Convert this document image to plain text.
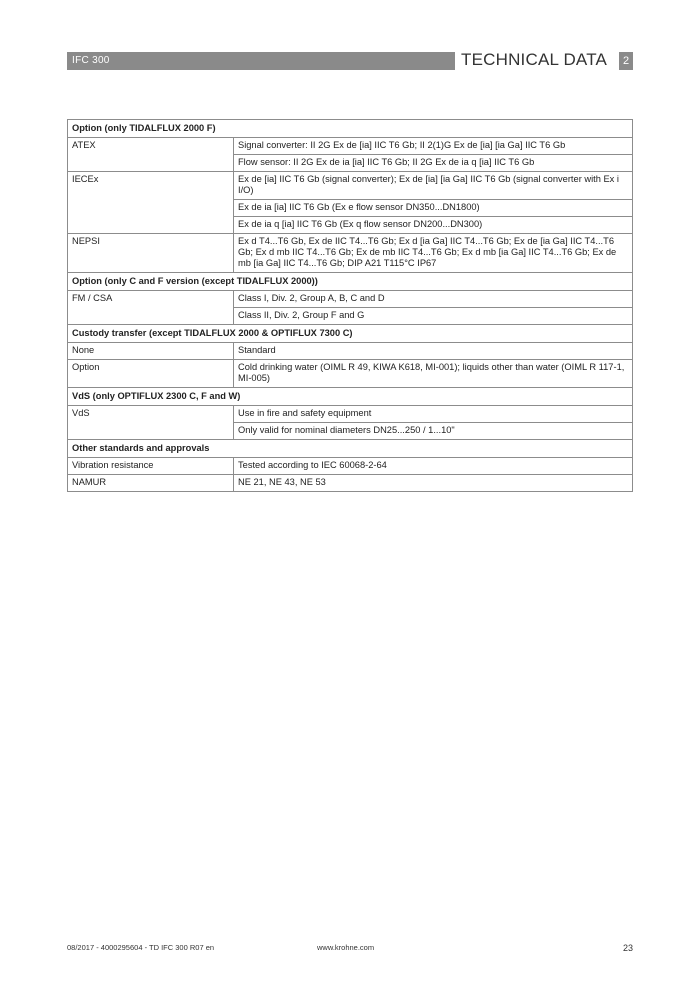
IFC 300	TECHNICAL DATA	2
Option (only TIDALFLUX 2000 F)	
ATEX	Signal converter: II 2G Ex de [ia] IIC T6 Gb; II 2(1)G Ex de [ia] [ia Ga] IIC T6 Gb
	Flow sensor: II 2G Ex de ia [ia] IIC T6 Gb; II 2G Ex de ia q [ia] IIC T6 Gb
IECEx	Ex de [ia] IIC T6 Gb (signal converter); Ex de [ia] [ia Ga] IIC T6 Gb (signal converter with Ex i I/O)
	Ex de ia [ia] IIC T6 Gb (Ex e flow sensor DN350...DN1800)
	Ex de ia q [ia] IIC T6 Gb (Ex q flow sensor DN200...DN300)
NEPSI	Ex d T4...T6 Gb, Ex de IIC T4...T6 Gb; Ex d [ia Ga] IIC T4...T6 Gb; Ex de [ia Ga] IIC T4...T6 Gb; Ex d mb IIC T4...T6 Gb; Ex de mb IIC T4...T6 Gb; Ex d mb [ia Ga] IIC T4...T6 Gb; Ex de mb [ia Ga] IIC T4...T6 Gb; DIP A21 T115°C IP67
Option (only C and F version (except TIDALFLUX 2000))	
FM / CSA	Class I, Div. 2, Group A, B, C and D
	Class II, Div. 2, Group F and G
Custody transfer (except TIDALFLUX 2000 & OPTIFLUX 7300 C)	
None	Standard
Option	Cold drinking water (OIML R 49, KIWA K618, MI-001); liquids other than water (OIML R 117-1, MI-005)
VdS (only OPTIFLUX 2300 C, F and W)	
VdS	Use in fire and safety equipment
	Only valid for nominal diameters DN25...250 / 1...10"
Other standards and approvals	
Vibration resistance	Tested according to IEC 60068-2-64
NAMUR	NE 21, NE 43, NE 53
08/2017 - 4000295604 - TD IFC 300 R07 en	www.krohne.com	23
